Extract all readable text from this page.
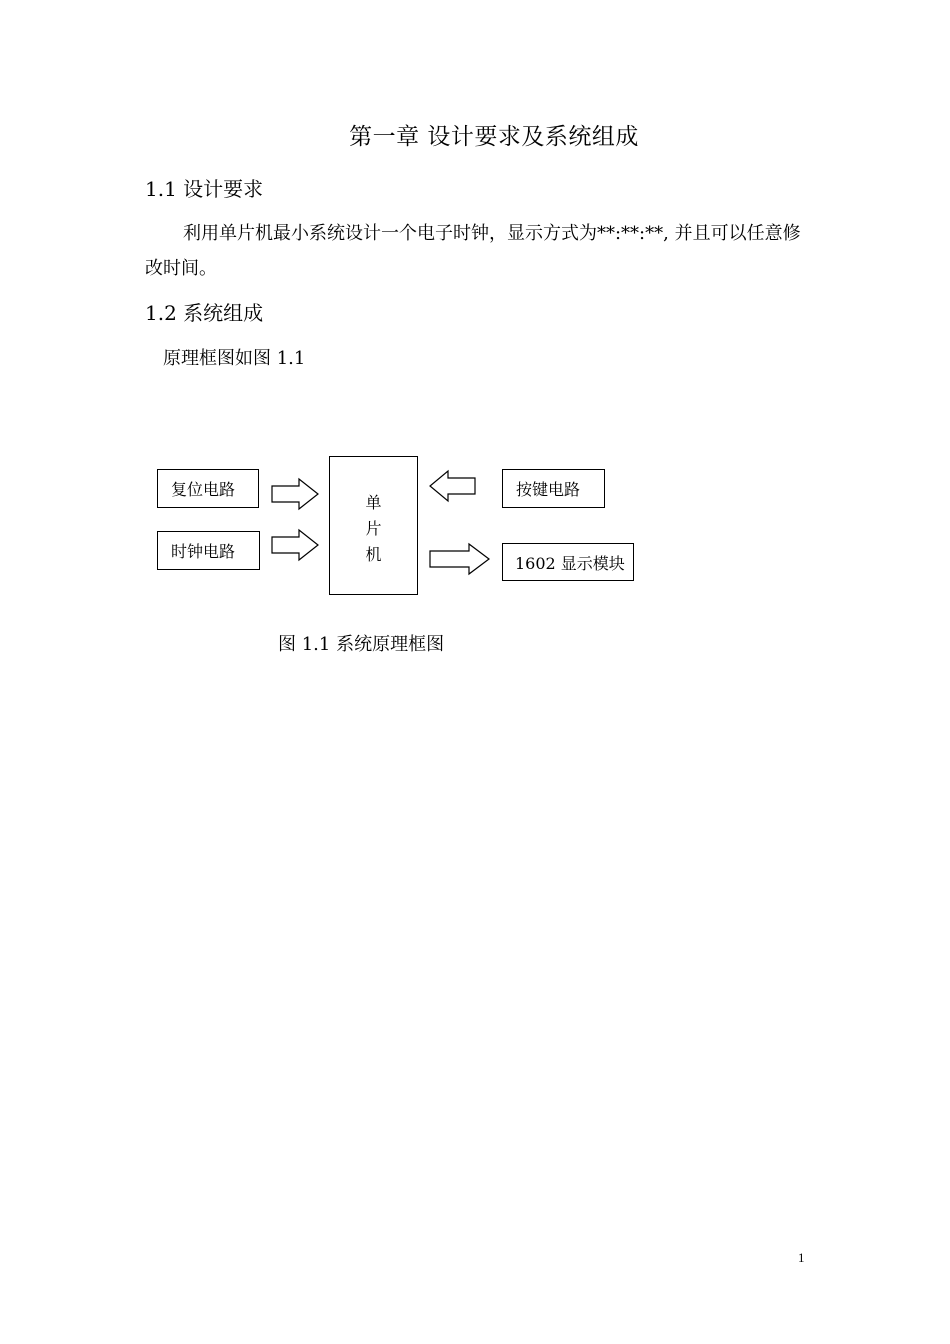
第一章 设计要求及系统组成
1.1 设计要求
利用单片机最小系统设计一个电子时钟，显示方式为**:**:**, 并且可以任意修改时间。
1.2 系统组成
原理框图如图 1.1
复位电路
时钟电路
单
片
机
按键电路
1602 显示模块
图 1.1 系统原理框图
1
